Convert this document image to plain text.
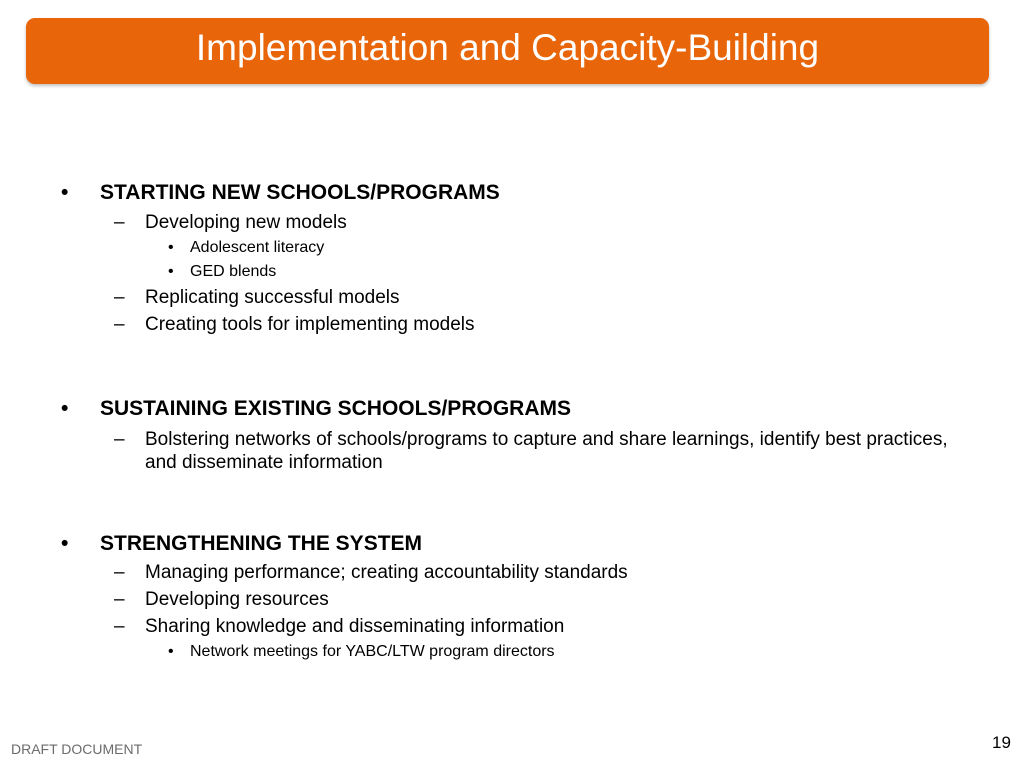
Implementation and Capacity-Building
• STARTING NEW SCHOOLS/PROGRAMS
– Developing new models
• Adolescent literacy
• GED blends
– Replicating successful models
– Creating tools for implementing models
• SUSTAINING EXISTING SCHOOLS/PROGRAMS
– Bolstering networks of schools/programs to capture and share learnings, identify best practices, and disseminate information
• STRENGTHENING THE SYSTEM
– Managing performance; creating accountability standards
– Developing resources
– Sharing knowledge and disseminating information
• Network meetings for YABC/LTW program directors
DRAFT DOCUMENT	19
